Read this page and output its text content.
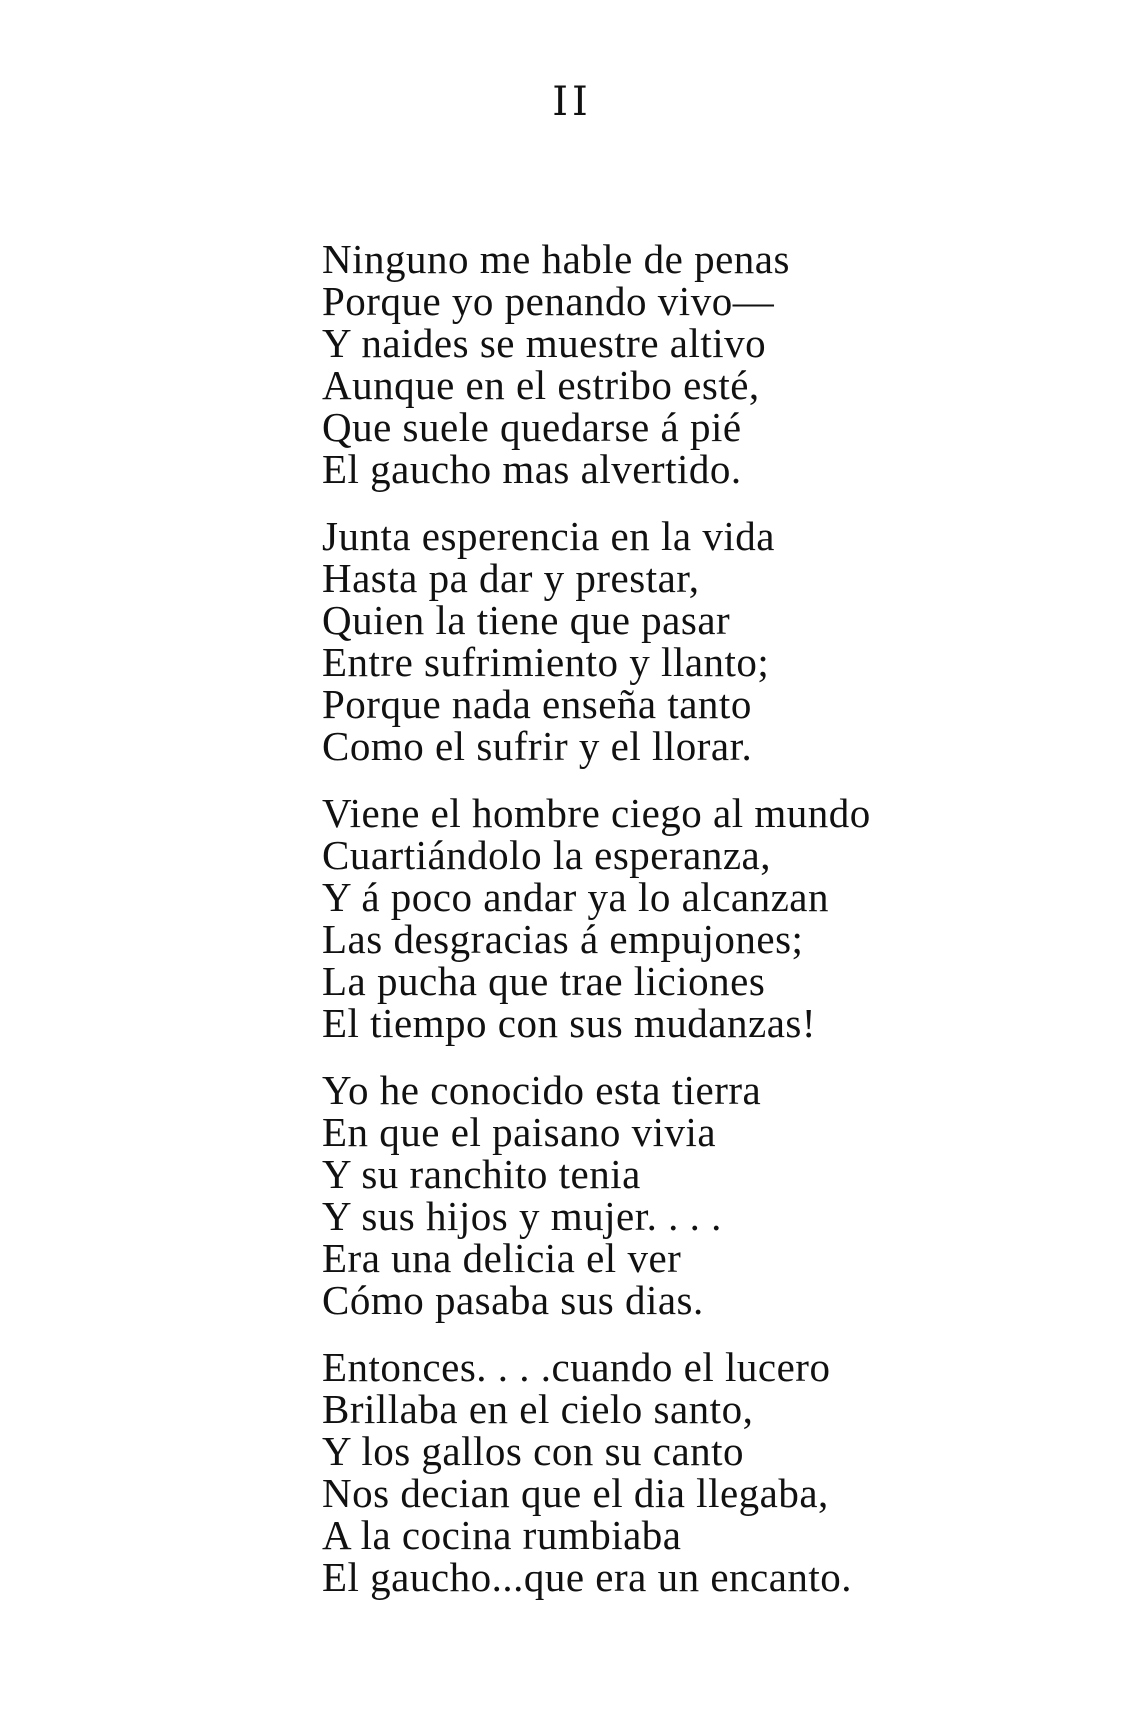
II
Ninguno me hable de penas
Porque yo penando vivo—
Y naides se muestre altivo
Aunque en el estribo esté,
Que suele quedarse á pié
El gaucho mas alvertido.
Junta esperencia en la vida
Hasta pa dar y prestar,
Quien la tiene que pasar
Entre sufrimiento y llanto;
Porque nada enseña tanto
Como el sufrir y el llorar.
Viene el hombre ciego al mundo
Cuartiándolo la esperanza,
Y á poco andar ya lo alcanzan
Las desgracias á empujones;
La pucha que trae liciones
El tiempo con sus mudanzas!
Yo he conocido esta tierra
En que el paisano vivia
Y su ranchito tenia
Y sus hijos y mujer. . . .
Era una delicia el ver
Cómo pasaba sus dias.
Entonces. . . .cuando el lucero
Brillaba en el cielo santo,
Y los gallos con su canto
Nos decian que el dia llegaba,
A la cocina rumbiaba
El gaucho...que era un encanto.
